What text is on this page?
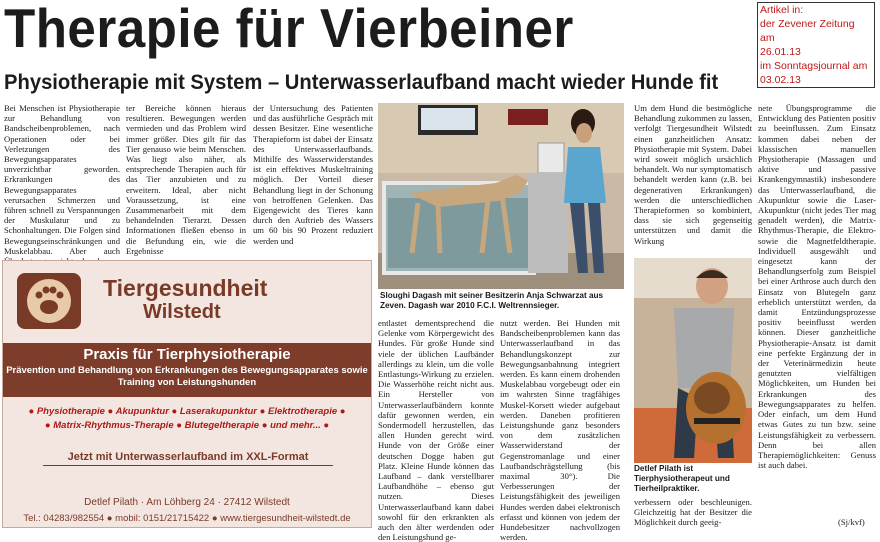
Therapie für Vierbeiner	Artikel in:
der Zevener Zeitung am
26.01.13
im Sonntagsjournal am
03.02.13
Physiotherapie mit System – Unterwasserlaufband macht wieder Hunde fit
Bei Menschen ist Physiotherapie zur Behandlung von Bandscheibenproblemen, nach Operationen oder bei Verletzungen des Bewegungsapparates unverzichtbar geworden. Erkrankungen des Bewegungsapparates verursachen Schmerzen und führen schnell zu Verspannungen der Muskulatur und zu Schonhaltungen. Die Folgen sind Bewegungseinschränkungen und Muskelabbau. Aber auch
ter Bereiche können hieraus resultieren. Bewegungen werden vermieden und das Problem wird immer größer. Dies gilt für das Tier genauso wie beim Menschen. Was liegt also näher, als entsprechende Therapien auch für das Tier anzubieten und zu erweitern. Ideal, aber nicht Voraussetzung, ist eine Zusammenarbeit mit dem behandelnden Tierarzt. Dessen Informationen fließen ebenso in die Befundung ein, wie die Ergebnisse
der Untersuchung des Patienten und das ausführliche Gespräch mit dessen Besitzer. Eine wesentliche Therapieform ist dabei der Einsatz des Unterwasserlaufbands. Mithilfe des Wasserwiderstandes ist ein effektives Muskeltraining möglich. Der Vorteil dieser Behandlung liegt in der Schonung von betroffenen Gelenken. Das Eigengewicht des Tieres kann durch den Auftrieb des Wassers um 60 bis 90 Prozent reduziert werden und
entlastet dementsprechend die Gelenke vom Körpergewicht des Hundes. Für große Hunde sind viele der üblichen Laufbänder allerdings zu klein, um die volle Entlastungs-Wirkung zu erzielen. Die Wasserhöhe reicht nicht aus. Ein Hersteller von Unterwasserlaufbändern konnte dafür gewonnen werden, ein Sondermodell herzustellen, das allen Hunden gerecht wird. Hunde von der Größe einer deutschen Dogge haben gut Platz. Kleine Hunde können das Laufband – dank verstellbarer Laufbandhöhe – ebenso gut nutzen. Dieses Unterwasserlaufband kann dabei sowohl für den erkrankten als auch den älter werdenden oder den Leistungshund ge-
nutzt werden. Bei Hunden mit Bandscheibenproblemen kann das Unterwasserlaufband in das Behandlungskonzept zur Bewegungsanbahnung integriert werden. Es kann einem drohenden Muskelabbau vorgebeugt oder ein im wahrsten Sinne tragfähiges Muskel-Korsett wieder aufgebaut werden. Daneben profitieren Leistungshunde ganz besonders von dem zusätzlichen Wasserwiderstand der Gegenstromanlage und einer Laufbandschrägstellung (bis maximal 30°). Die Verbesserungen der Leistungsfähigkeit des jeweiligen Hundes werden dabei elektronisch erfasst und können von jedem der Hundebesitzer nachvollzogen werden.
Um dem Hund die bestmögliche Behandlung zukommen zu lassen, verfolgt Tiergesundheit Wilstedt einen ganzheitlichen Ansatz: Physiotherapie mit System. Dabei wird soweit möglich ursächlich behandelt. Wo nur symptomatisch behandelt werden kann (z.B. bei degenerativen Erkrankungen) werden die unterschiedlichen Therapieformen so kombiniert, dass sie sich gegenseitig unterstützen und damit die Wirkung
verbessern oder beschleunigen. Gleichzeitig hat der Besitzer die Möglichkeit durch geeig-
nete Übungsprogramme die Entwicklung des Patienten positiv zu beeinflussen. Zum Einsatz kommen dabei neben der klassischen manuellen Physiotherapie (Massagen und aktive und passive Krankengymnastik) insbesondere das Unterwasserlaufband, die Akupunktur sowie die Laser-Akupunktur (nicht jedes Tier mag genadelt werden), die Matrix-Rhythmus-Therapie, die Elektro- sowie die Magnetfeldtherapie. Individuell ausgewählt und eingesetzt kann der Behandlungserfolg zum Beispiel bei einer Arthrose auch durch den Einsatz von Blutegeln ganz erheblich unterstützt werden, da damit Entzündungsprozesse positiv beeinflusst werden können. Dieser ganzheitliche Physiotherapie-Ansatz ist damit eine perfekte Ergänzung der in der Veterinärmedizin heute genutzten vielfältigen Möglichkeiten, um Hunden bei Erkrankungen des Bewegungsapparates zu helfen. Oder einfach, um dem Hund etwas Gutes zu tun bzw. seine Leistungsfähigkeit zu verbessern. Denn bei allen Therapiemöglichkeiten: Genuss ist auch dabei.
(Sj/kvf)
Sloughi Dagash mit seiner Besitzerin Anja Schwarzat aus Zeven. Dagash war 2010 F.C.I. Weltrennsieger.
Detlef Pilath ist Tierphysiotherapeut und Tierheilpraktiker.
Tiergesundheit
Wilstedt
Praxis für Tierphysiotherapie
Prävention und Behandlung von Erkrankungen des Bewegungsapparates sowie Training von Leistungshunden
● Physiotherapie ● Akupunktur ● Laserakupunktur ● Elektrotherapie ●
● Matrix-Rhythmus-Therapie ● Blutegeltherapie ● und mehr... ●
Jetzt mit Unterwasserlaufband im XXL-Format
Detlef Pilath · Am Löhberg 24 · 27412 Wilstedt
Tel.: 04283/982554 ● mobil: 0151/21715422 ● www.tiergesundheit-wilstedt.de
